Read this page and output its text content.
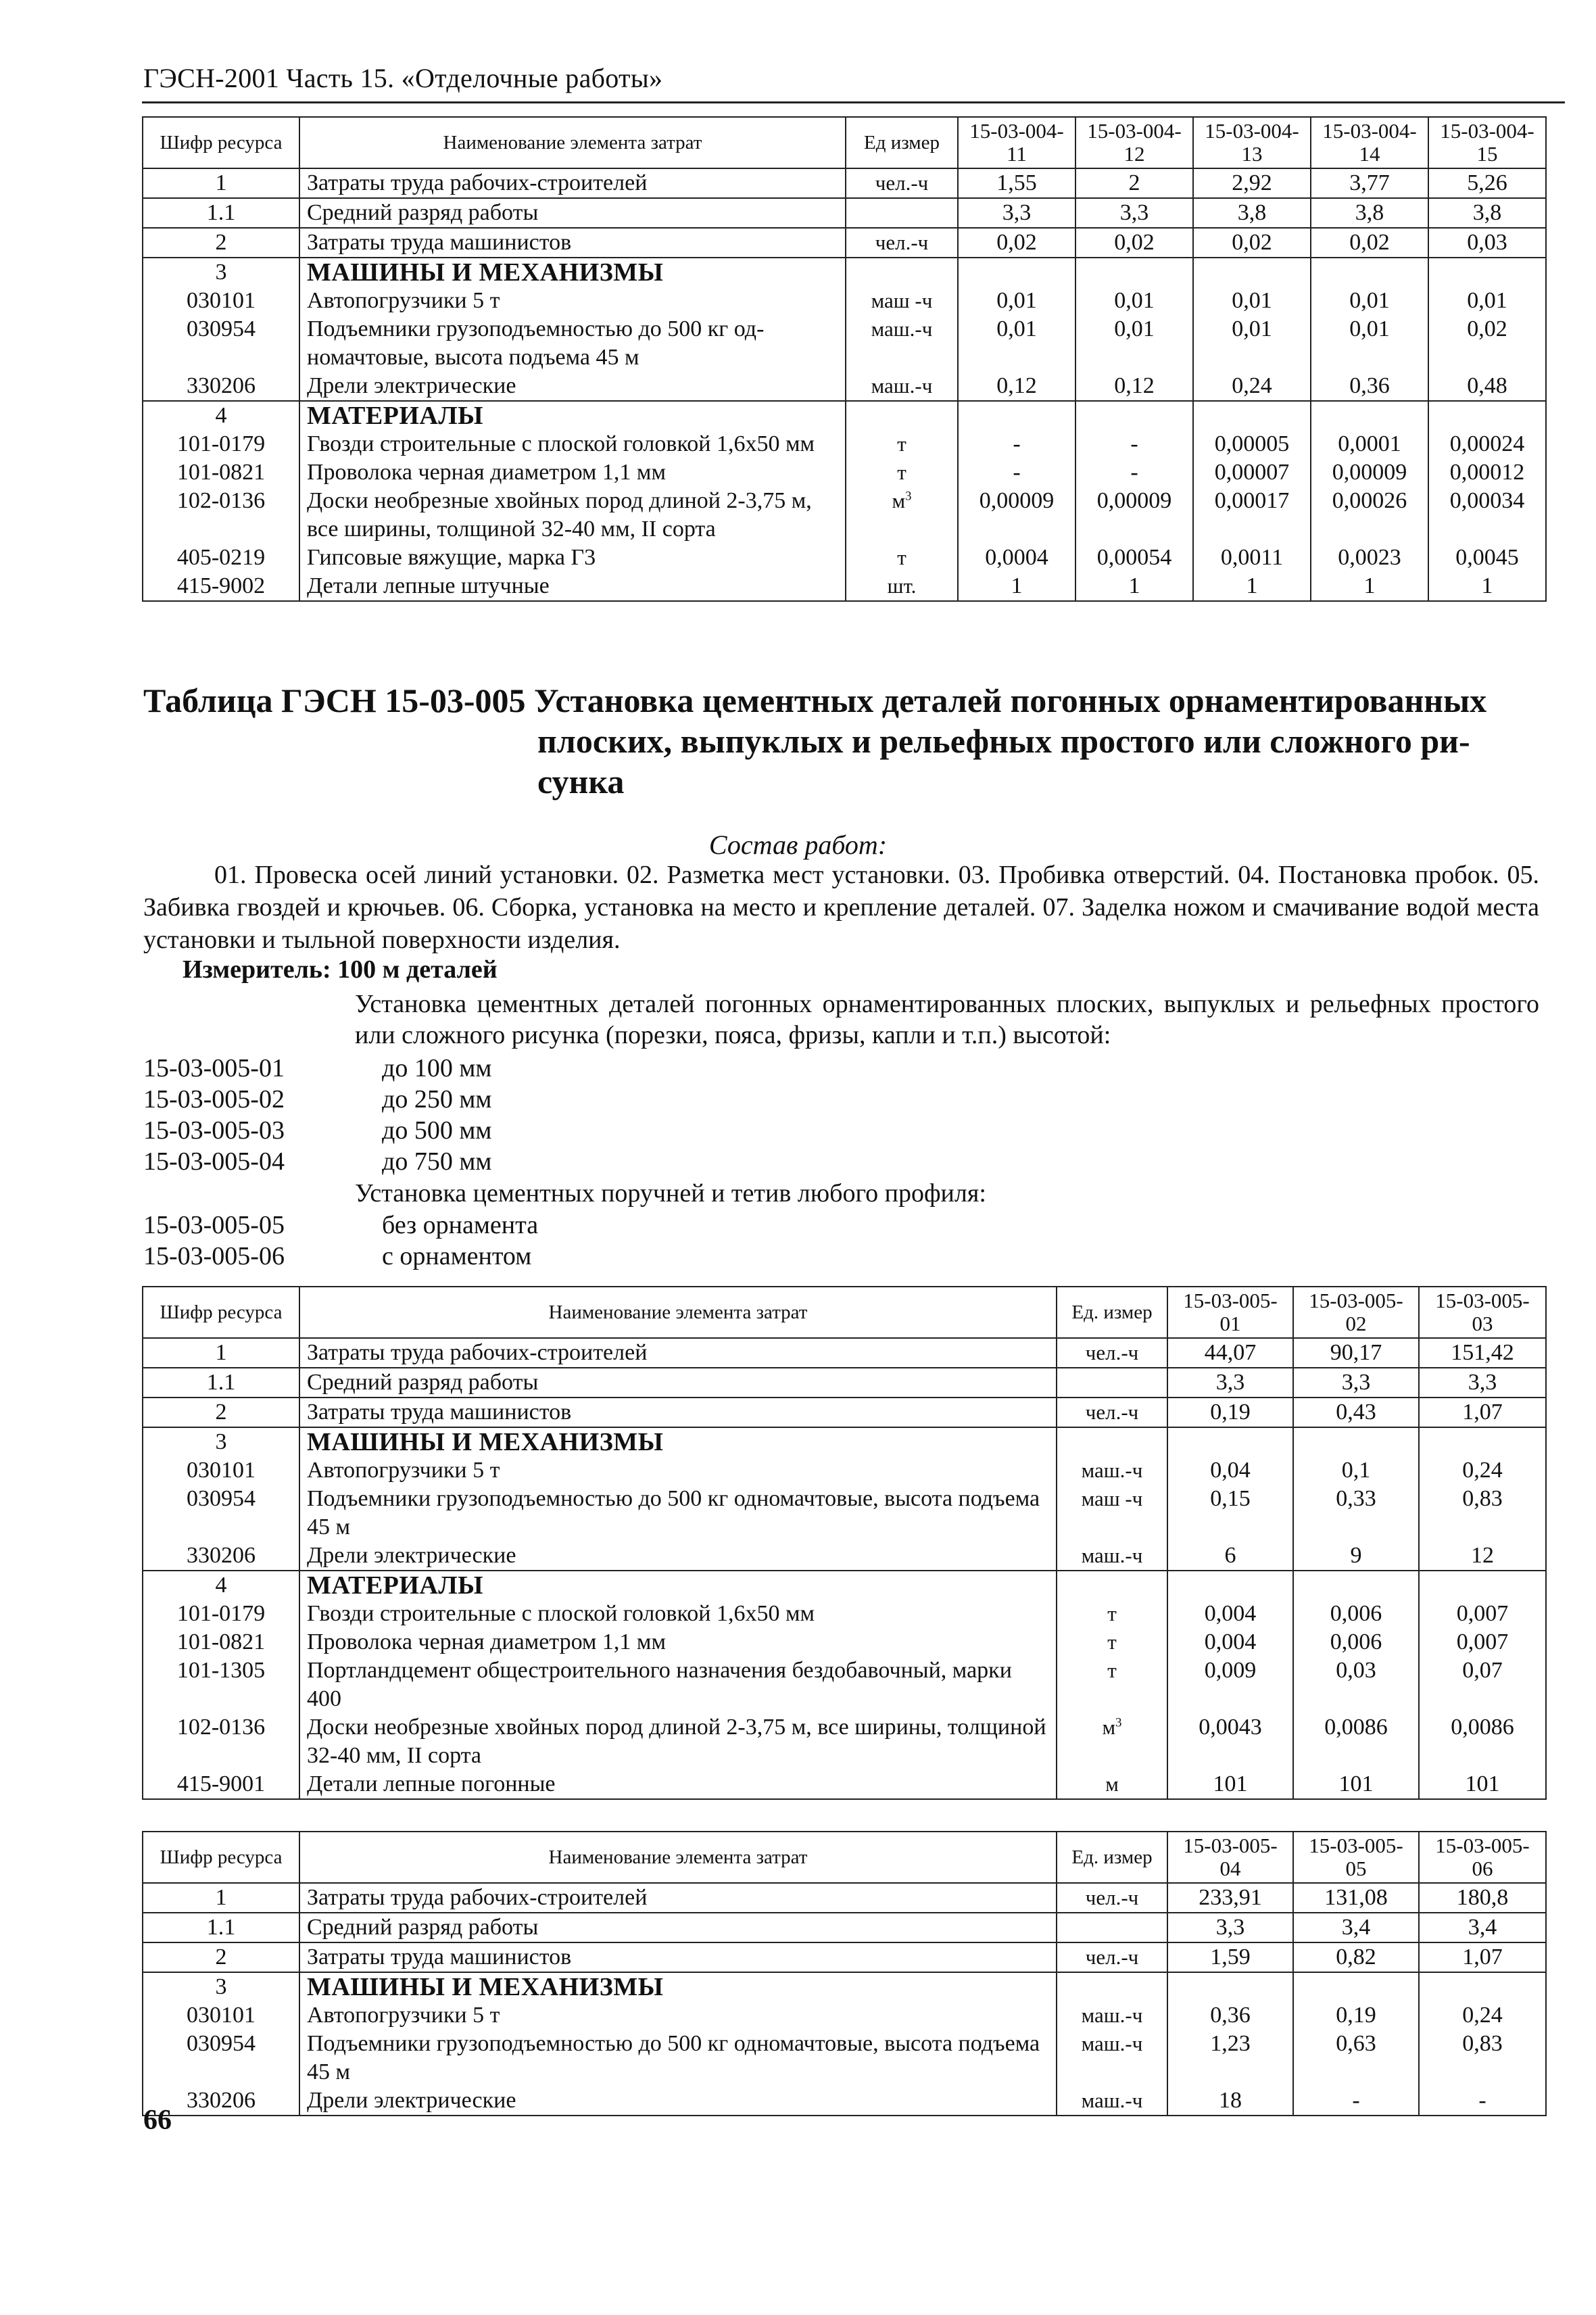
ГЭСН-2001 Часть 15. «Отделочные работы»
Шифр ресурса	Наименование элемента затрат	Ед измер	15-03-004-11	15-03-004-12	15-03-004-13	15-03-004-14	15-03-004-15
1	Затраты труда рабочих-строителей	чел.-ч	1,55	2	2,92	3,77	5,26
1.1	Средний разряд работы		3,3	3,3	3,8	3,8	3,8
2	Затраты труда машинистов	чел.-ч	0,02	0,02	0,02	0,02	0,03
3	МАШИНЫ И МЕХАНИЗМЫ						
030101	Автопогрузчики 5 т	маш -ч	0,01	0,01	0,01	0,01	0,01
030954	Подъемники грузоподъемностью до 500 кг од-номачтовые, высота подъема 45 м	маш.-ч	0,01	0,01	0,01	0,01	0,02
330206	Дрели электрические	маш.-ч	0,12	0,12	0,24	0,36	0,48
4	МАТЕРИАЛЫ						
101-0179	Гвозди строительные с плоской головкой 1,6х50 мм	т	-	-	0,00005	0,0001	0,00024
101-0821	Проволока черная диаметром 1,1 мм	т	-	-	0,00007	0,00009	0,00012
102-0136	Доски необрезные хвойных пород длиной 2-3,75 м, все ширины, толщиной 32-40 мм, II сорта	$м^3$	0,00009	0,00009	0,00017	0,00026	0,00034
405-0219	Гипсовые вяжущие, марка Г3	т	0,0004	0,00054	0,0011	0,0023	0,0045
415-9002	Детали лепные штучные	шт.	1	1	1	1	1
Таблица ГЭСН 15-03-005 Установка цементных деталей погонных орнаментированных
плоских, выпуклых и рельефных простого или сложного ри-
сунка
Состав работ:
01. Провеска осей линий установки. 02. Разметка мест установки. 03. Пробивка отверстий. 04. Постановка пробок. 05. Забивка гвоздей и крючьев. 06. Сборка, установка на место и крепление деталей. 07. Заделка ножом и смачивание водой места установки и тыльной поверхности изделия.
Измеритель: 100 м деталей
Установка цементных деталей погонных орнаментированных плоских, выпуклых и рельефных простого или сложного рисунка (порезки, пояса, фризы, капли и т.п.) высотой:
15-03-005-01	до 100 мм
15-03-005-02	до 250 мм
15-03-005-03	до 500 мм
15-03-005-04	до 750 мм
Установка цементных поручней и тетив любого профиля:
15-03-005-05	без орнамента
15-03-005-06	с орнаментом
Шифр ресурса	Наименование элемента затрат	Ед. измер	15-03-005-01	15-03-005-02	15-03-005-03
1	Затраты труда рабочих-строителей	чел.-ч	44,07	90,17	151,42
1.1	Средний разряд работы		3,3	3,3	3,3
2	Затраты труда машинистов	чел.-ч	0,19	0,43	1,07
3	МАШИНЫ И МЕХАНИЗМЫ				
030101	Автопогрузчики 5 т	маш.-ч	0,04	0,1	0,24
030954	Подъемники грузоподъемностью до 500 кг одномачтовые, высота подъема 45 м	маш -ч	0,15	0,33	0,83
330206	Дрели электрические	маш.-ч	6	9	12
4	МАТЕРИАЛЫ				
101-0179	Гвозди строительные с плоской головкой 1,6х50 мм	т	0,004	0,006	0,007
101-0821	Проволока черная диаметром 1,1 мм	т	0,004	0,006	0,007
101-1305	Портландцемент общестроительного назначения бездобавочный, марки 400	т	0,009	0,03	0,07
102-0136	Доски необрезные хвойных пород длиной 2-3,75 м, все ширины, толщиной 32-40 мм, II сорта	$м^3$	0,0043	0,0086	0,0086
415-9001	Детали лепные погонные	м	101	101	101
Шифр ресурса	Наименование элемента затрат	Ед. измер	15-03-005-04	15-03-005-05	15-03-005-06
1	Затраты труда рабочих-строителей	чел.-ч	233,91	131,08	180,8
1.1	Средний разряд работы		3,3	3,4	3,4
2	Затраты труда машинистов	чел.-ч	1,59	0,82	1,07
3	МАШИНЫ И МЕХАНИЗМЫ				
030101	Автопогрузчики 5 т	маш.-ч	0,36	0,19	0,24
030954	Подъемники грузоподъемностью до 500 кг одномачтовые, высота подъема 45 м	маш.-ч	1,23	0,63	0,83
330206	Дрели электрические	маш.-ч	18	-	-
66
